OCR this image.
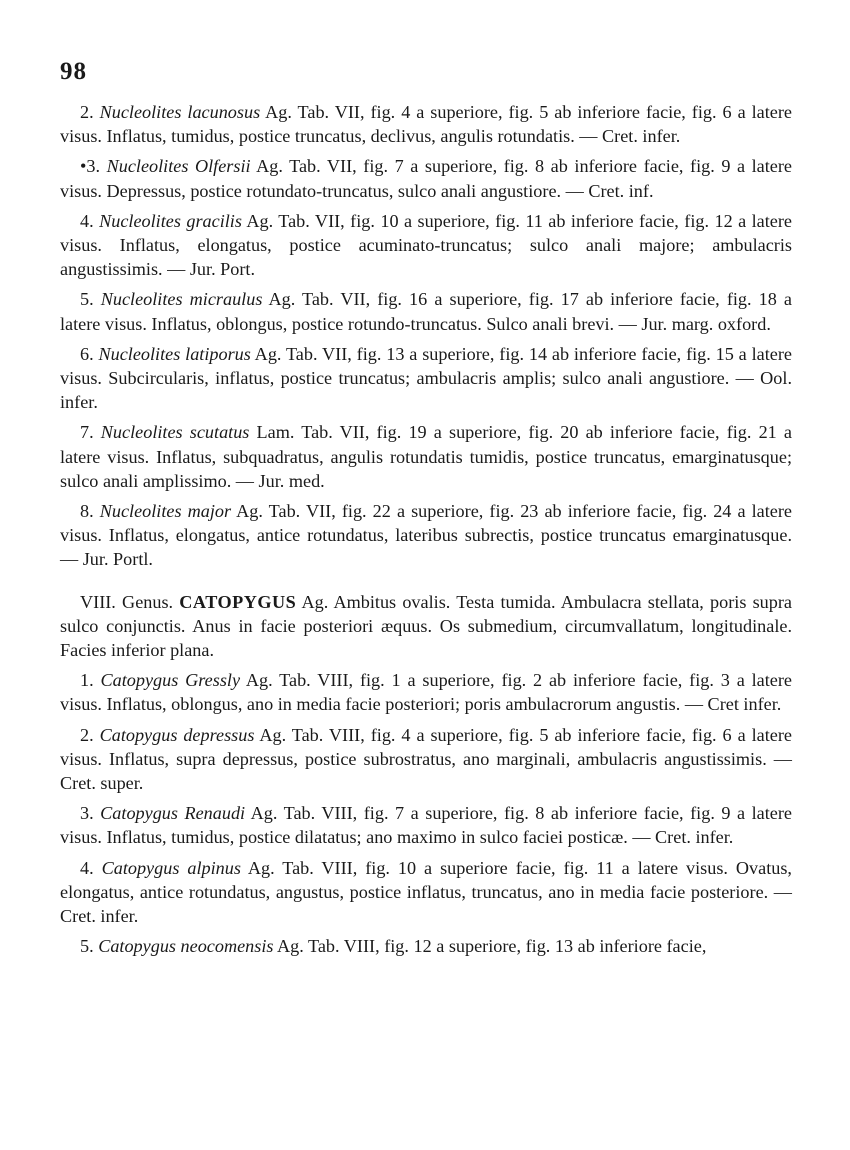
98

2. Nucleolites lacunosus Ag. Tab. VII, fig. 4 a superiore, fig. 5 ab inferiore facie, fig. 6 a latere visus. Inflatus, tumidus, postice truncatus, declivus, angulis rotundatis. — Cret. infer.

•3. Nucleolites Olfersii Ag. Tab. VII, fig. 7 a superiore, fig. 8 ab inferiore facie, fig. 9 a latere visus. Depressus, postice rotundato-truncatus, sulco anali angustiore. — Cret. inf.

4. Nucleolites gracilis Ag. Tab. VII, fig. 10 a superiore, fig. 11 ab inferiore facie, fig. 12 a latere visus. Inflatus, elongatus, postice acuminato-truncatus; sulco anali majore; ambulacris angustissimis. — Jur. Port.

5. Nucleolites micraulus Ag. Tab. VII, fig. 16 a superiore, fig. 17 ab inferiore facie, fig. 18 a latere visus. Inflatus, oblongus, postice rotundo-truncatus. Sulco anali brevi. — Jur. marg. oxford.

6. Nucleolites latiporus Ag. Tab. VII, fig. 13 a superiore, fig. 14 ab inferiore facie, fig. 15 a latere visus. Subcircularis, inflatus, postice truncatus; ambulacris amplis; sulco anali angustiore. — Ool. infer.

7. Nucleolites scutatus Lam. Tab. VII, fig. 19 a superiore, fig. 20 ab inferiore facie, fig. 21 a latere visus. Inflatus, subquadratus, angulis rotundatis tumidis, postice truncatus, emarginatusque; sulco anali amplissimo. — Jur. med.

8. Nucleolites major Ag. Tab. VII, fig. 22 a superiore, fig. 23 ab inferiore facie, fig. 24 a latere visus. Inflatus, elongatus, antice rotundatus, lateribus subrectis, postice truncatus emarginatusque. — Jur. Portl.

VIII. Genus. CATOPYGUS Ag. Ambitus ovalis. Testa tumida. Ambulacra stellata, poris supra sulco conjunctis. Anus in facie posteriori æquus. Os submedium, circumvallatum, longitudinale. Facies inferior plana.

1. Catopygus Gressly Ag. Tab. VIII, fig. 1 a superiore, fig. 2 ab inferiore facie, fig. 3 a latere visus. Inflatus, oblongus, ano in media facie posteriori; poris ambulacrorum angustis. — Cret infer.

2. Catopygus depressus Ag. Tab. VIII, fig. 4 a superiore, fig. 5 ab inferiore facie, fig. 6 a latere visus. Inflatus, supra depressus, postice subrostratus, ano marginali, ambulacris angustissimis. — Cret. super.

3. Catopygus Renaudi Ag. Tab. VIII, fig. 7 a superiore, fig. 8 ab inferiore facie, fig. 9 a latere visus. Inflatus, tumidus, postice dilatatus; ano maximo in sulco faciei posticæ. — Cret. infer.

4. Catopygus alpinus Ag. Tab. VIII, fig. 10 a superiore facie, fig. 11 a latere visus. Ovatus, elongatus, antice rotundatus, angustus, postice inflatus, truncatus, ano in media facie posteriore. — Cret. infer.

5. Catopygus neocomensis Ag. Tab. VIII, fig. 12 a superiore, fig. 13 ab inferiore facie,
